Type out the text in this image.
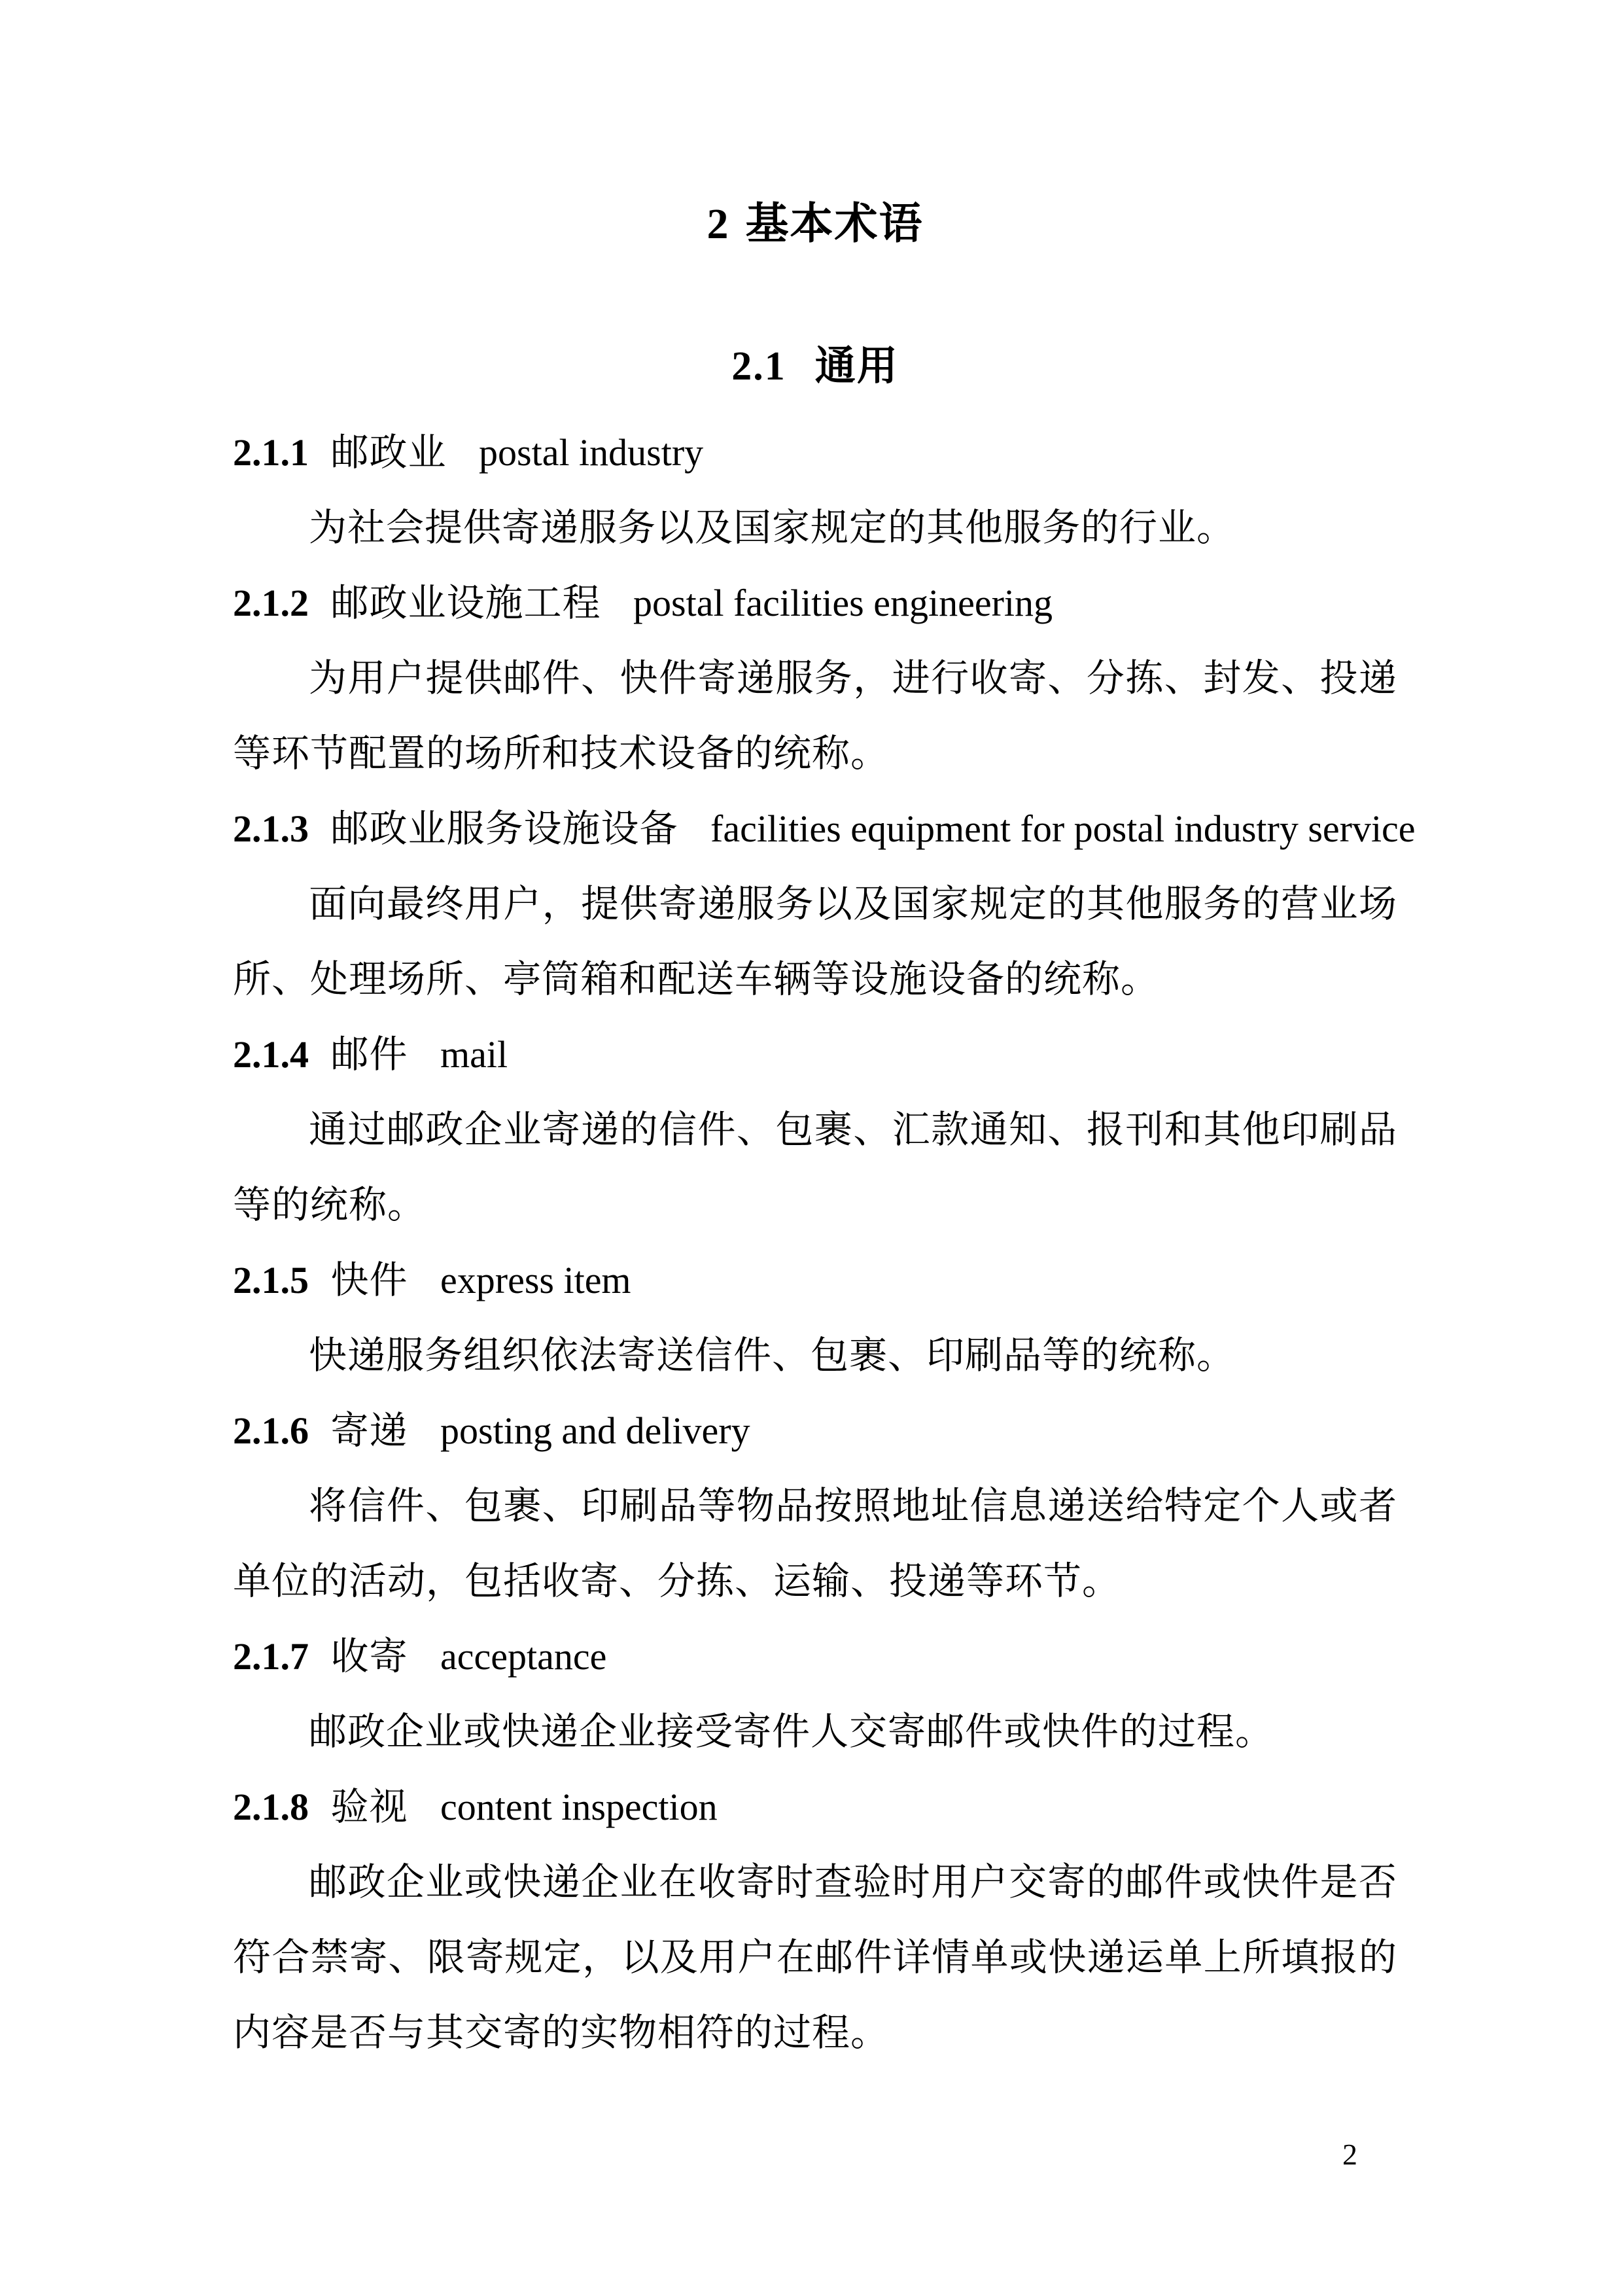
2 基本术语
2.1 通用
2.1.1 邮政业 postal industry
为社会提供寄递服务以及国家规定的其他服务的行业。
2.1.2 邮政业设施工程 postal facilities engineering
为用户提供邮件、快件寄递服务，进行收寄、分拣、封发、投递
等环节配置的场所和技术设备的统称。
2.1.3 邮政业服务设施设备 facilities equipment for postal industry service
面向最终用户，提供寄递服务以及国家规定的其他服务的营业场
所、处理场所、亭筒箱和配送车辆等设施设备的统称。
2.1.4 邮件 mail
通过邮政企业寄递的信件、包裹、汇款通知、报刊和其他印刷品
等的统称。
2.1.5 快件 express item
快递服务组织依法寄送信件、包裹、印刷品等的统称。
2.1.6 寄递 posting and delivery
将信件、包裹、印刷品等物品按照地址信息递送给特定个人或者
单位的活动，包括收寄、分拣、运输、投递等环节。
2.1.7 收寄 acceptance
邮政企业或快递企业接受寄件人交寄邮件或快件的过程。
2.1.8 验视 content inspection
邮政企业或快递企业在收寄时查验时用户交寄的邮件或快件是否
符合禁寄、限寄规定，以及用户在邮件详情单或快递运单上所填报的
内容是否与其交寄的实物相符的过程。
2
